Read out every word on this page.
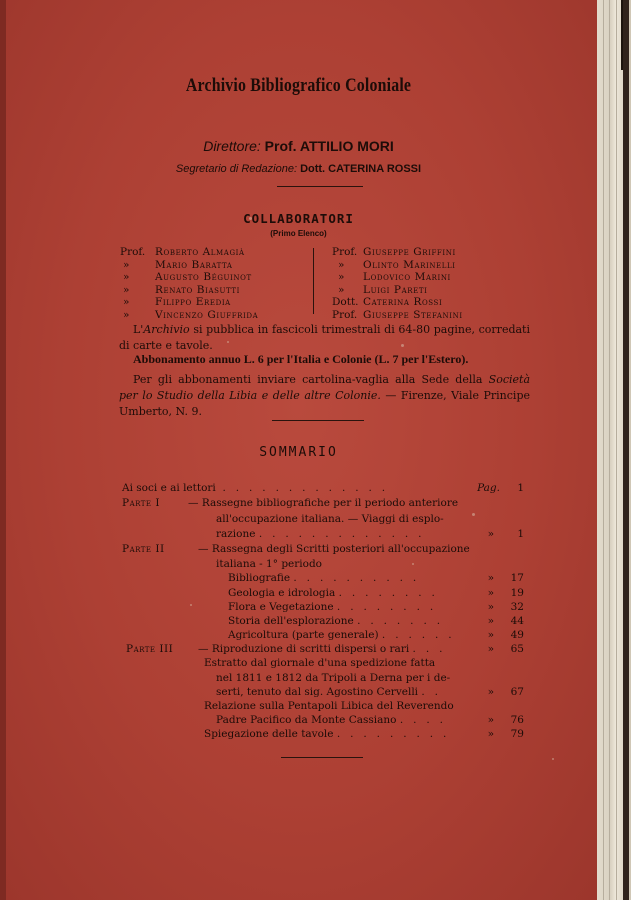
Archivio Bibliografico Coloniale
Direttore: Prof. ATTILIO MORI
Segretario di Redazione: Dott. CATERINA ROSSI
COLLABORATORI
(Primo Elenco)
Prof. Roberto Almagià
» Mario Baratta
» Augusto Béguinot
» Renato Biasutti
» Filippo Eredia
» Vincenzo Giuffrida
Prof. Giuseppe Griffini
» Olinto Marinelli
» Lodovico Marini
» Luigi Pareti
Dott. Caterina Rossi
Prof. Giuseppe Stefanini
L'Archivio si pubblica in fascicoli trimestrali di 64-80 pagine, corredati di carte e tavole.
Abbonamento annuo L. 6 per l'Italia e Colonie (L. 7 per l'Estero).
Per gli abbonamenti inviare cartolina-vaglia alla Sede della Società per lo Studio della Libia e delle altre Colonie. — Firenze, Viale Principe Umberto, N. 9.
SOMMARIO
Ai soci e ai lettori . . . . . . . . . . . . .	Pag.	1
Parte I	— Rassegne bibliografiche per il periodo anteriore
all'occupazione italiana. — Viaggi di esplo-
razione . . . . . . . . . . . . .	»	1
Parte II	— Rassegna degli Scritti posteriori all'occupazione
italiana - 1° periodo
Bibliografie . . . . . . . . . .	»	17
Geologia e idrologia . . . . . . . .	»	19
Flora e Vegetazione . . . . . . . .	»	32
Storia dell'esplorazione . . . . . . .	»	44
Agricoltura (parte generale) . . . . . .	»	49
Parte III — Riproduzione di scritti dispersi o rari . . .	»	65
Estratto dal giornale d'una spedizione fatta
nel 1811 e 1812 da Tripoli a Derna per i de-
serti, tenuto dal sig. Agostino Cervelli . .	»	67
Relazione sulla Pentapoli Libica del Reverendo
Padre Pacifico da Monte Cassiano . . . .	»	76
Spiegazione delle tavole . . . . . . . . .	»	79
